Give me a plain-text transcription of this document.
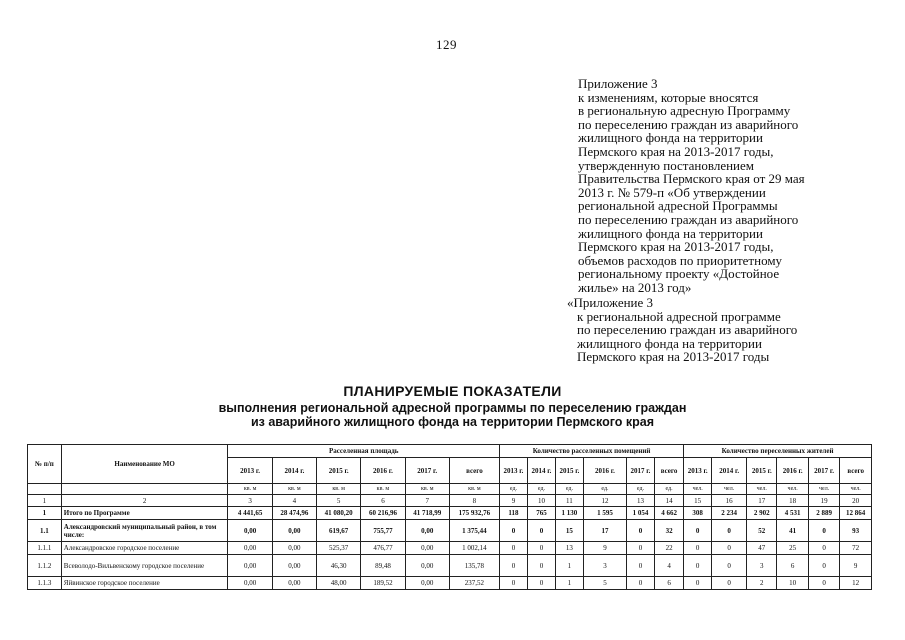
129
Приложение 3
к изменениям, которые вносятся
в региональную адресную Программу
по переселению граждан из аварийного
жилищного фонда на территории
Пермского края на 2013-2017 годы,
утвержденную постановлением
Правительства Пермского края от 29 мая
2013 г. № 579-п «Об утверждении
региональной адресной Программы
по переселению граждан из аварийного
жилищного фонда на территории
Пермского края на 2013-2017 годы,
объемов расходов по приоритетному
региональному проекту «Достойное
жилье» на 2013 год»
«Приложение 3
к региональной адресной программе
по переселению граждан из аварийного
жилищного фонда на территории
Пермского края на 2013-2017 годы
ПЛАНИРУЕМЫЕ ПОКАЗАТЕЛИ
выполнения региональной адресной программы по переселению граждан
из аварийного жилищного фонда на территории Пермского края
№ п/п	Наименование МО	Расселенная площадь						Количество расселенных помещений						Количество переселенных жителей					
		2013 г.	2014 г.	2015 г.	2016 г.	2017 г.	всего	2013 г.	2014 г.	2015 г.	2016 г.	2017 г.	всего	2013 г.	2014 г.	2015 г.	2016 г.	2017 г.	всего
		кв. м	кв. м	кв. м	кв. м	кв. м	кв. м	ед.	ед.	ед.	ед.	ед.	ед.	чел.	чел.	чел.	чел.	чел.	чел.
1	2	3	4	5	6	7	8	9	10	11	12	13	14	15	16	17	18	19	20
1	Итого по Программе	4 441,65	28 474,96	41 080,20	60 216,96	41 718,99	175 932,76	118	765	1 130	1 595	1 054	4 662	308	2 234	2 902	4 531	2 889	12 864
1.1	Александровский муниципальный район, в том числе:	0,00	0,00	619,67	755,77	0,00	1 375,44	0	0	15	17	0	32	0	0	52	41	0	93
1.1.1	Александровское городское поселение	0,00	0,00	525,37	476,77	0,00	1 002,14	0	0	13	9	0	22	0	0	47	25	0	72
1.1.2	Всеволодо-Вильвенскому городское поселение	0,00	0,00	46,30	89,48	0,00	135,78	0	0	1	3	0	4	0	0	3	6	0	9
1.1.3	Яйвинское городское поселение	0,00	0,00	48,00	189,52	0,00	237,52	0	0	1	5	0	6	0	0	2	10	0	12
